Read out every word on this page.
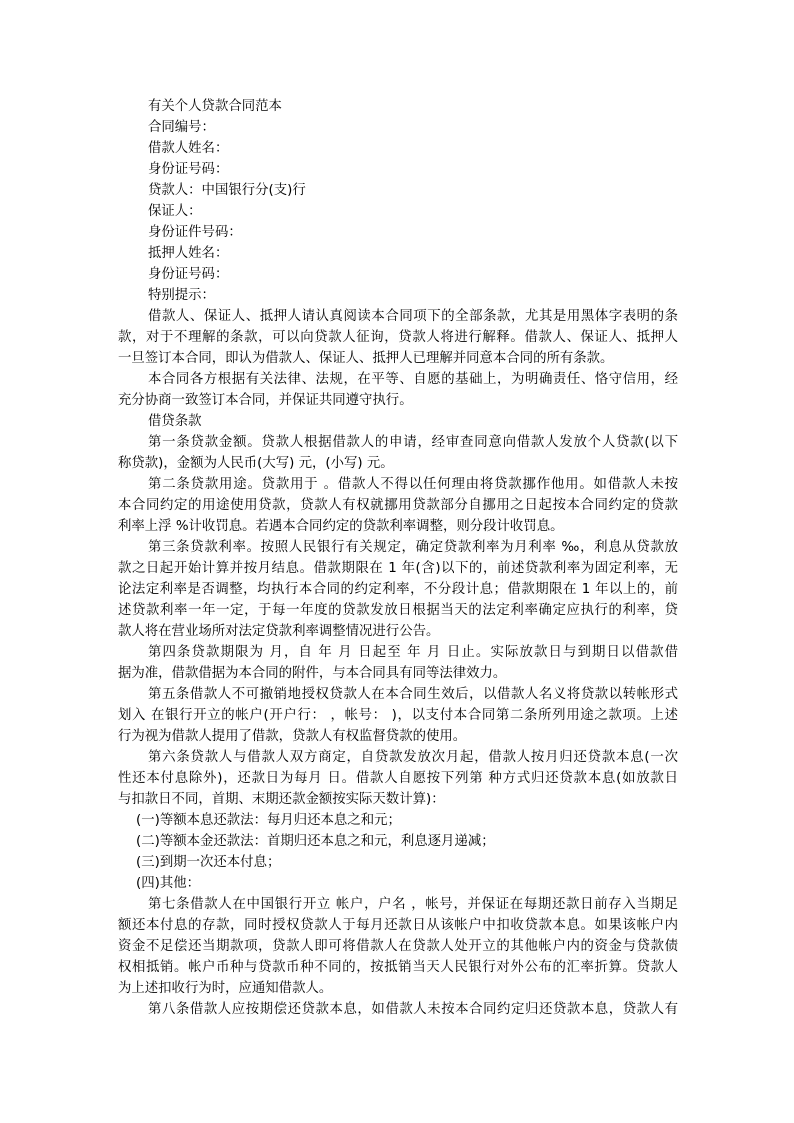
有关个人贷款合同范本
合同编号：
借款人姓名：
身份证号码：
贷款人：中国银行分(支)行
保证人：
身份证件号码：
抵押人姓名：
身份证号码：
特别提示：
借款人、保证人、抵押人请认真阅读本合同项下的全部条款，尤其是用黑体字表明的条
款，对于不理解的条款，可以向贷款人征询，贷款人将进行解释。借款人、保证人、抵押人
一旦签订本合同，即认为借款人、保证人、抵押人已理解并同意本合同的所有条款。
本合同各方根据有关法律、法规，在平等、自愿的基础上，为明确责任、恪守信用，经
充分协商一致签订本合同，并保证共同遵守执行。
借贷条款
第一条贷款金额。贷款人根据借款人的申请，经审查同意向借款人发放个人贷款(以下
称贷款)，金额为人民币(大写) 元，(小写) 元。
第二条贷款用途。贷款用于 。借款人不得以任何理由将贷款挪作他用。如借款人未按
本合同约定的用途使用贷款，贷款人有权就挪用贷款部分自挪用之日起按本合同约定的贷款
利率上浮 %计收罚息。若遇本合同约定的贷款利率调整，则分段计收罚息。
第三条贷款利率。按照人民银行有关规定，确定贷款利率为月利率 ‰，利息从贷款放
款之日起开始计算并按月结息。借款期限在 1 年(含)以下的，前述贷款利率为固定利率，无
论法定利率是否调整，均执行本合同的约定利率，不分段计息；借款期限在 1 年以上的，前
述贷款利率一年一定，于每一年度的贷款发放日根据当天的法定利率确定应执行的利率，贷
款人将在营业场所对法定贷款利率调整情况进行公告。
第四条贷款期限为 月，自 年 月 日起至 年 月 日止。实际放款日与到期日以借款借
据为准，借款借据为本合同的附件，与本合同具有同等法律效力。
第五条借款人不可撤销地授权贷款人在本合同生效后，以借款人名义将贷款以转帐形式
划入 在银行开立的帐户(开户行： ，帐号： )，以支付本合同第二条所列用途之款项。上述
行为视为借款人提用了借款，贷款人有权监督贷款的使用。
第六条贷款人与借款人双方商定，自贷款发放次月起，借款人按月归还贷款本息(一次
性还本付息除外)，还款日为每月 日。借款人自愿按下列第 种方式归还贷款本息(如放款日
与扣款日不同，首期、末期还款金额按实际天数计算)：
(一)等额本息还款法：每月归还本息之和元；
(二)等额本金还款法：首期归还本息之和元，利息逐月递减；
(三)到期一次还本付息；
(四)其他：
第七条借款人在中国银行开立 帐户，户名 ，帐号，并保证在每期还款日前存入当期足
额还本付息的存款，同时授权贷款人于每月还款日从该帐户中扣收贷款本息。如果该帐户内
资金不足偿还当期款项，贷款人即可将借款人在贷款人处开立的其他帐户内的资金与贷款债
权相抵销。帐户币种与贷款币种不同的，按抵销当天人民银行对外公布的汇率折算。贷款人
为上述扣收行为时，应通知借款人。
第八条借款人应按期偿还贷款本息，如借款人未按本合同约定归还贷款本息，贷款人有
